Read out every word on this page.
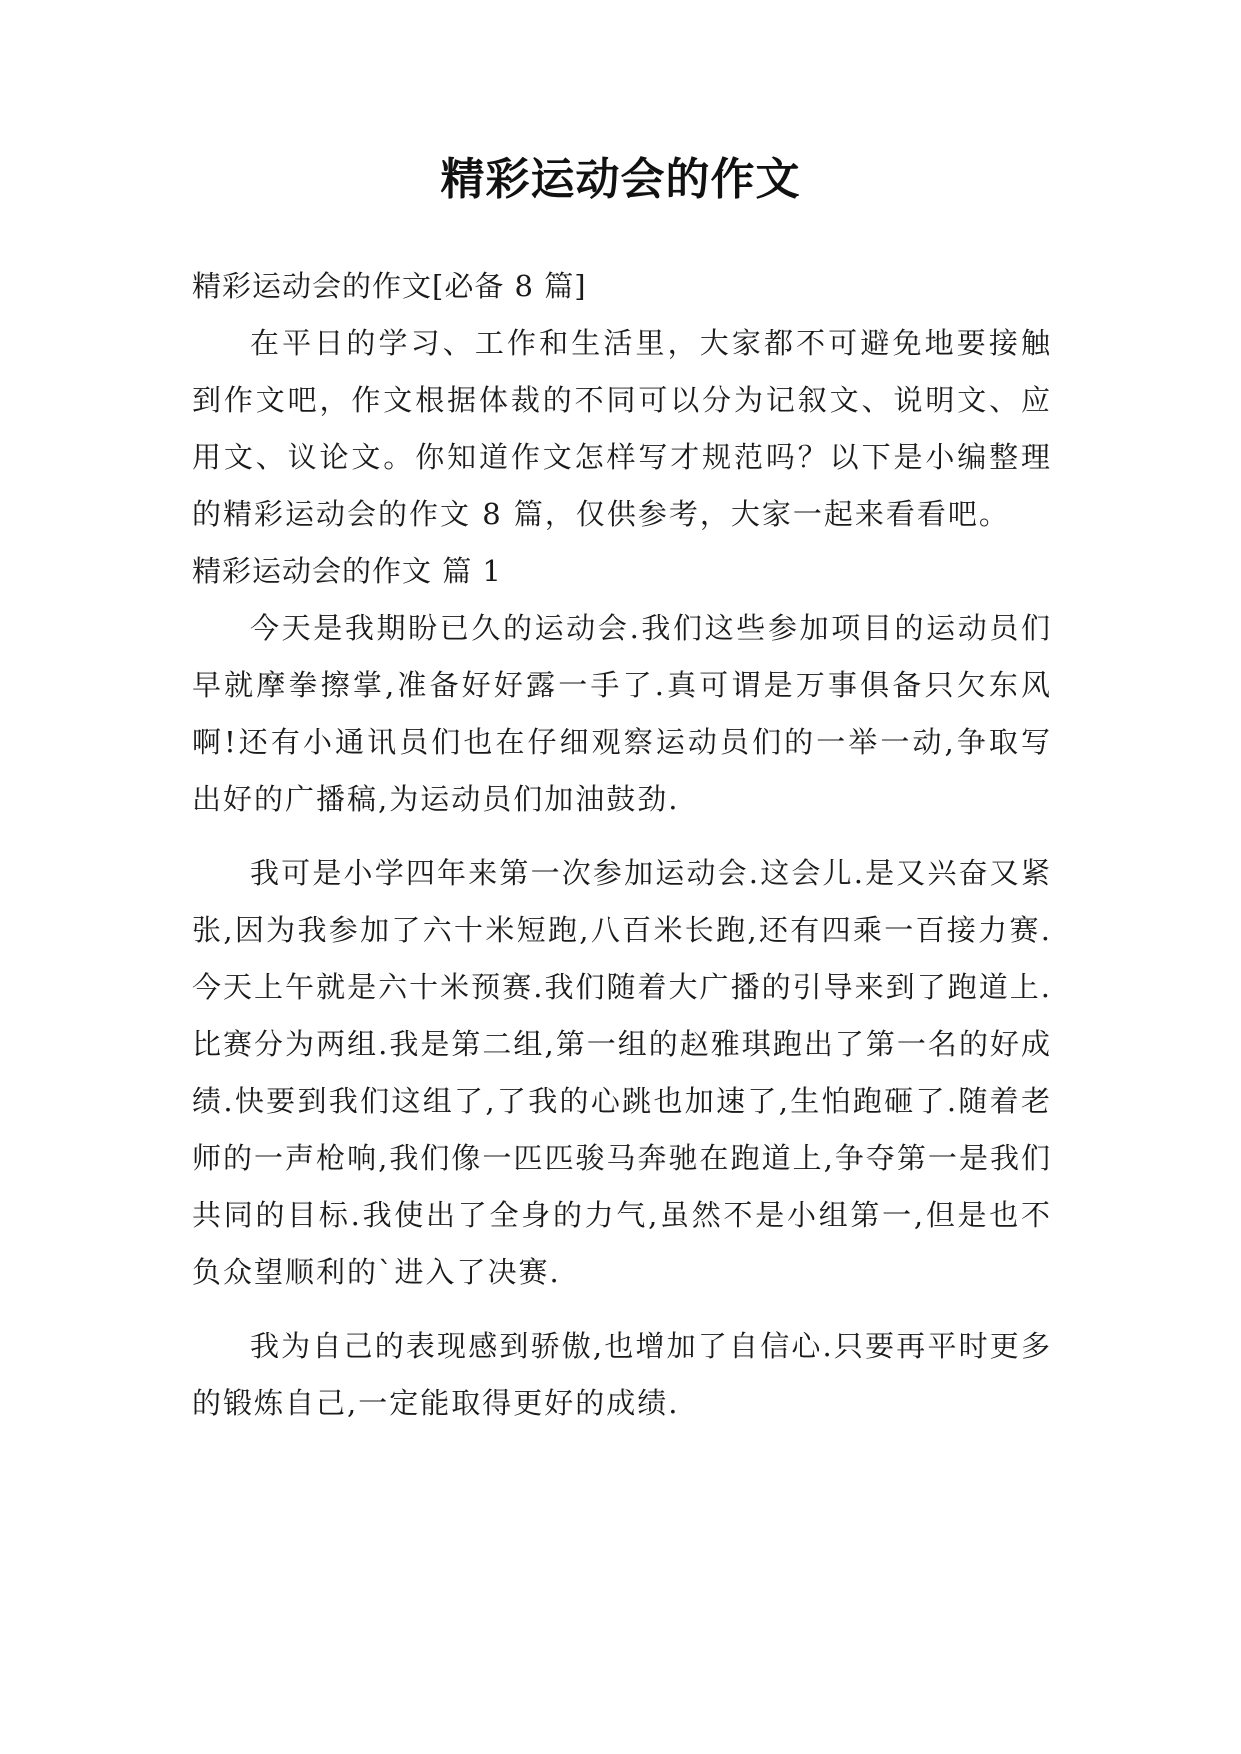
精彩运动会的作文

精彩运动会的作文[必备 8 篇]

在平日的学习、工作和生活里，大家都不可避免地要接触到作文吧，作文根据体裁的不同可以分为记叙文、说明文、应用文、议论文。你知道作文怎样写才规范吗？以下是小编整理的精彩运动会的作文 8 篇，仅供参考，大家一起来看看吧。

精彩运动会的作文 篇 1

今天是我期盼已久的运动会.我们这些参加项目的运动员们早就摩拳擦掌,准备好好露一手了.真可谓是万事俱备只欠东风啊!还有小通讯员们也在仔细观察运动员们的一举一动,争取写出好的广播稿,为运动员们加油鼓劲.

我可是小学四年来第一次参加运动会.这会儿.是又兴奋又紧张,因为我参加了六十米短跑,八百米长跑,还有四乘一百接力赛.今天上午就是六十米预赛.我们随着大广播的引导来到了跑道上.比赛分为两组.我是第二组,第一组的赵雅琪跑出了第一名的好成绩.快要到我们这组了,了我的心跳也加速了,生怕跑砸了.随着老师的一声枪响,我们像一匹匹骏马奔驰在跑道上,争夺第一是我们共同的目标.我使出了全身的力气,虽然不是小组第一,但是也不负众望顺利的`进入了决赛.

我为自己的表现感到骄傲,也增加了自信心.只要再平时更多的锻炼自己,一定能取得更好的成绩.
